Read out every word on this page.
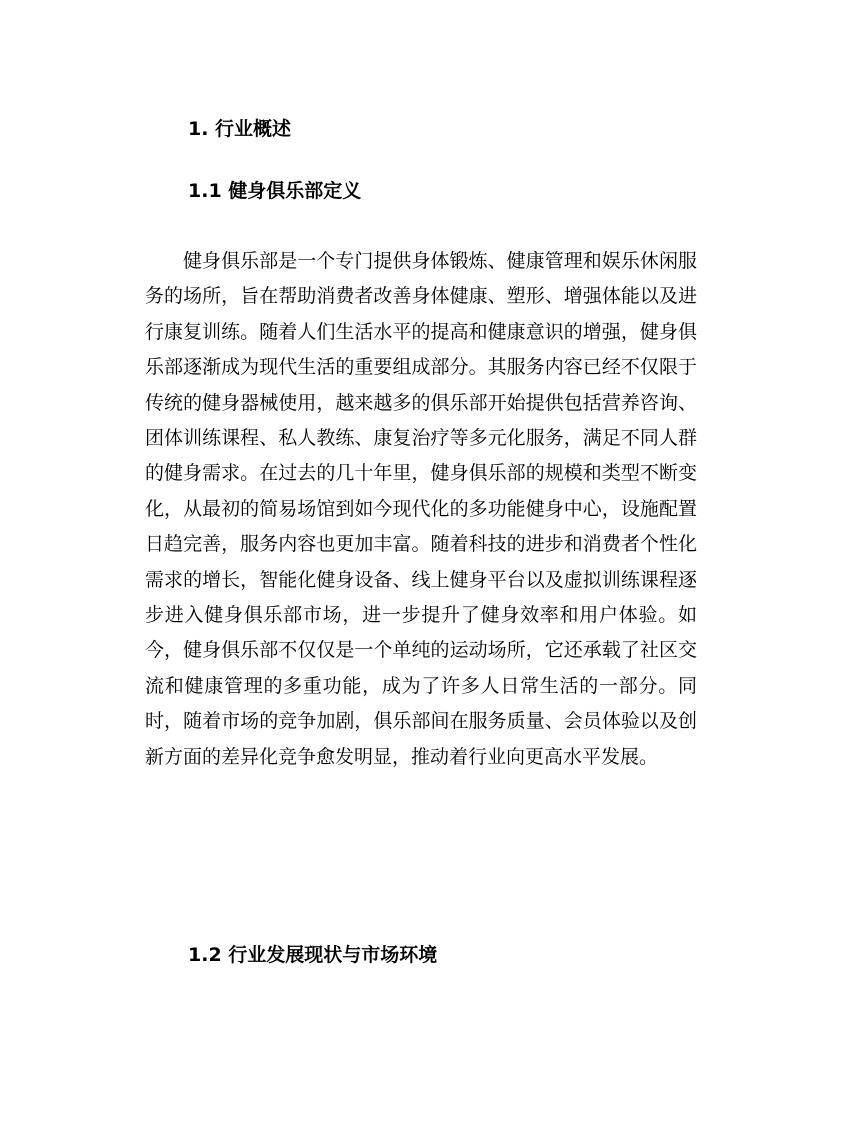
1. 行业概述
1.1 健身俱乐部定义

健身俱乐部是一个专门提供身体锻炼、健康管理和娱乐休闲服务的场所，旨在帮助消费者改善身体健康、塑形、增强体能以及进行康复训练。随着人们生活水平的提高和健康意识的增强，健身俱乐部逐渐成为现代生活的重要组成部分。其服务内容已经不仅限于传统的健身器械使用，越来越多的俱乐部开始提供包括营养咨询、团体训练课程、私人教练、康复治疗等多元化服务，满足不同人群的健身需求。在过去的几十年里，健身俱乐部的规模和类型不断变化，从最初的简易场馆到如今现代化的多功能健身中心，设施配置日趋完善，服务内容也更加丰富。随着科技的进步和消费者个性化需求的增长，智能化健身设备、线上健身平台以及虚拟训练课程逐步进入健身俱乐部市场，进一步提升了健身效率和用户体验。如今，健身俱乐部不仅仅是一个单纯的运动场所，它还承载了社区交流和健康管理的多重功能，成为了许多人日常生活的一部分。同时，随着市场的竞争加剧，俱乐部间在服务质量、会员体验以及创新方面的差异化竞争愈发明显，推动着行业向更高水平发展。

1.2 行业发展现状与市场环境
